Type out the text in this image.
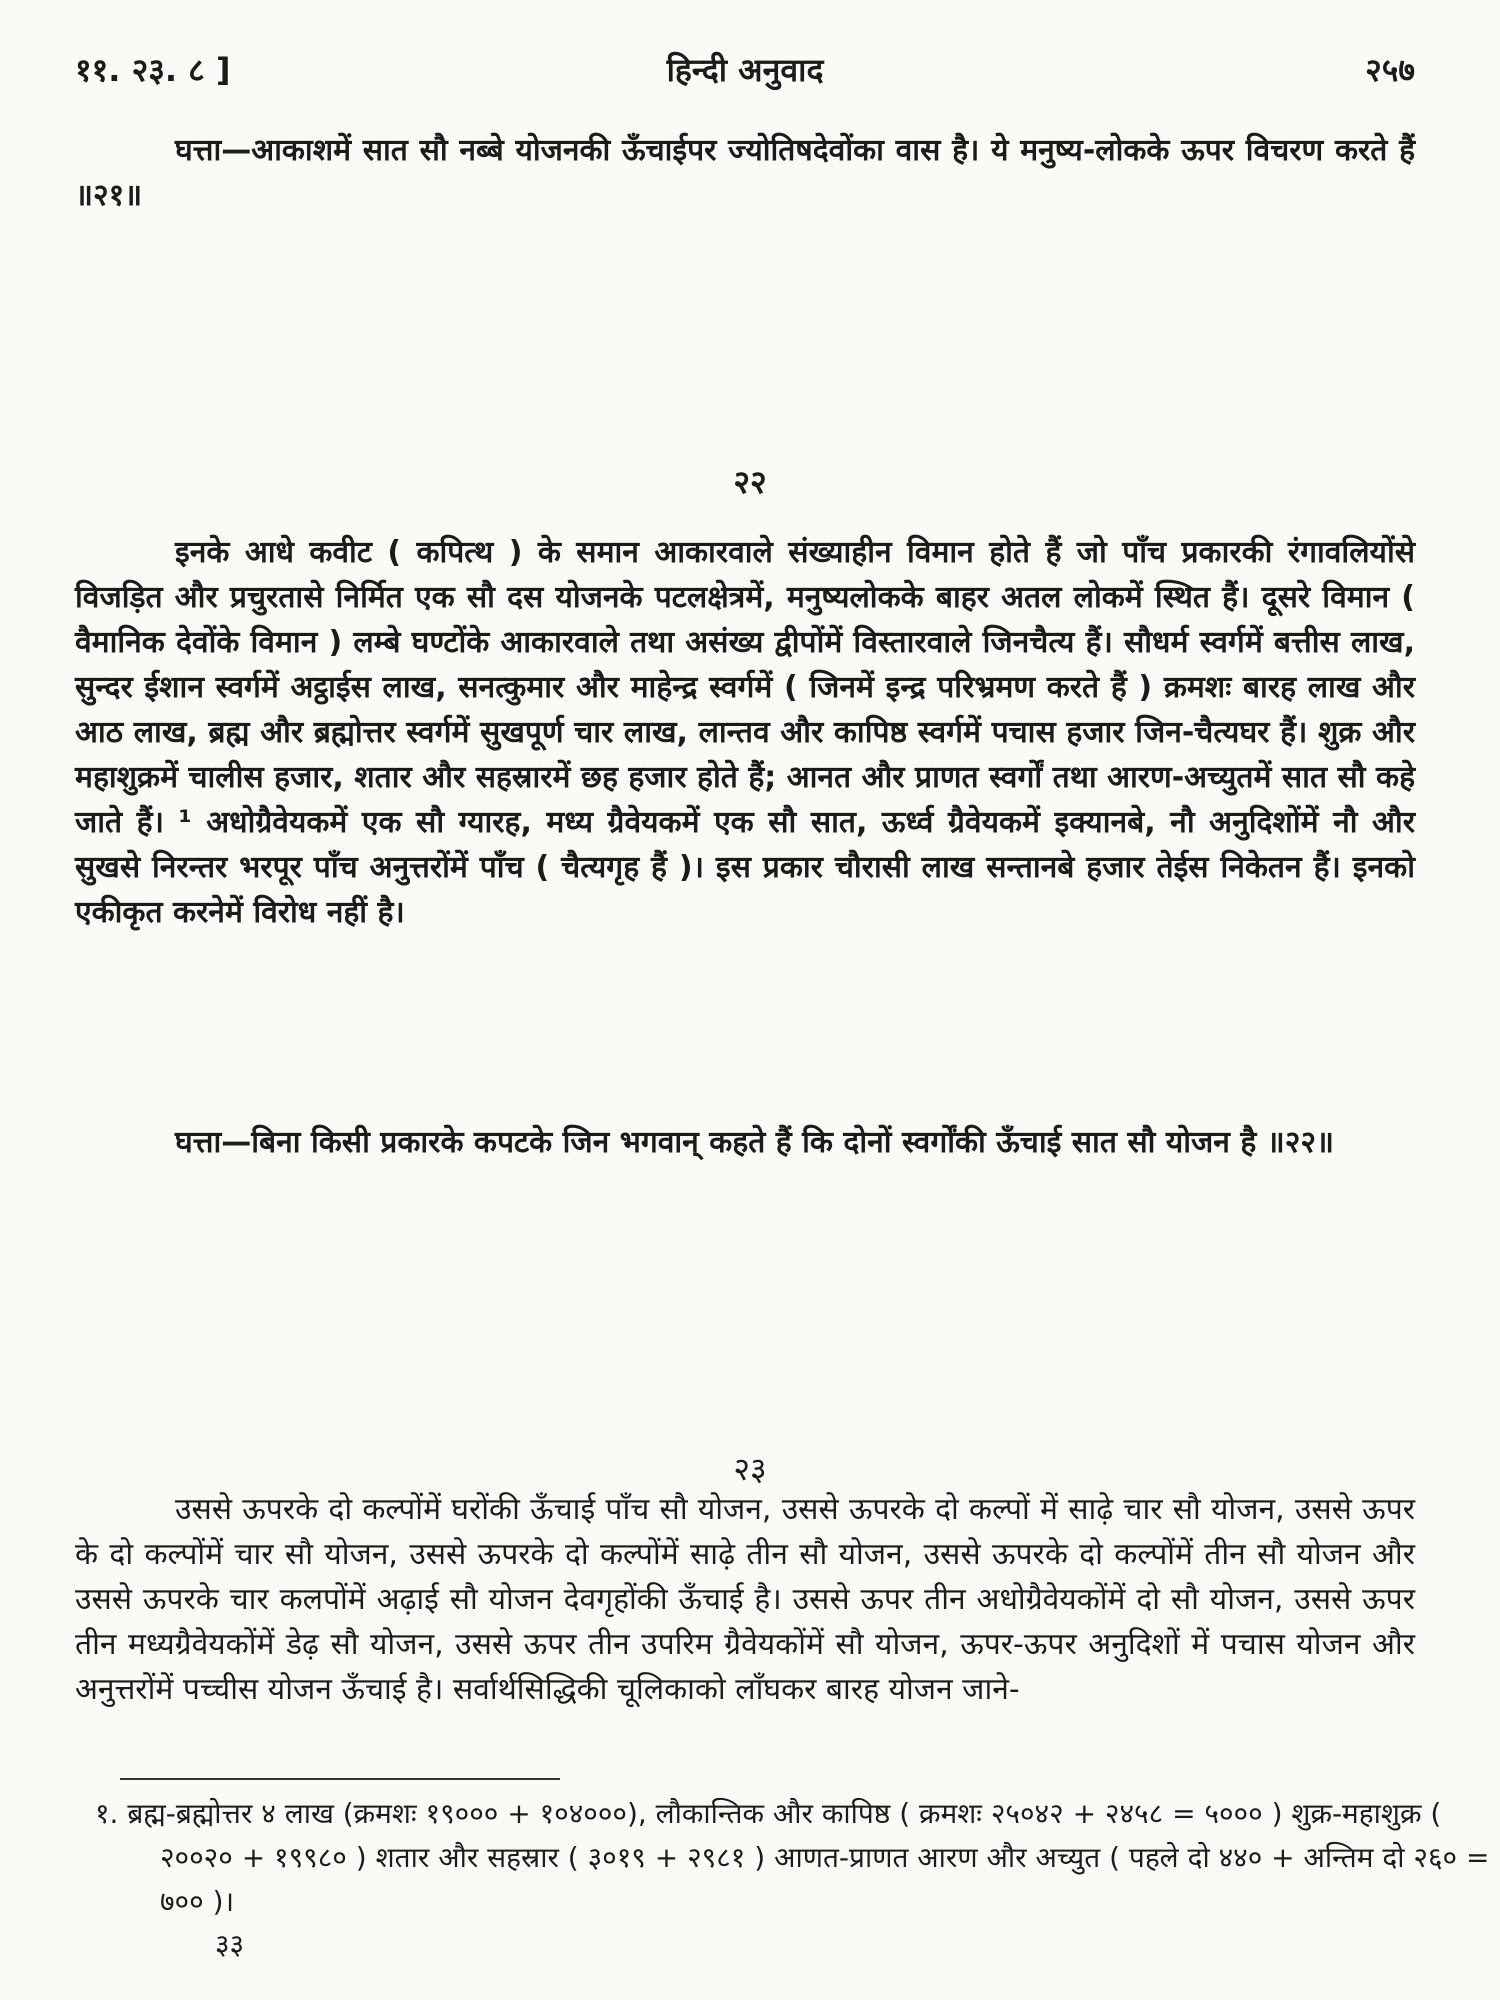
११. २३. ८ ]	हिन्दी अनुवाद	२५७

घत्ता—आकाशमें सात सौ नब्बे योजनकी ऊँचाईपर ज्योतिषदेवोंका वास है। ये मनुष्य-लोकके ऊपर विचरण करते हैं ॥२१॥

२२

इनके आधे कवीट ( कपित्थ ) के समान आकारवाले संख्याहीन विमान होते हैं जो पाँच प्रकारकी रंगावलियोंसे विजड़ित और प्रचुरतासे निर्मित एक सौ दस योजनके पटलक्षेत्रमें, मनुष्यलोकके बाहर अतल लोकमें स्थित हैं। दूसरे विमान ( वैमानिक देवोंके विमान ) लम्बे घण्टोंके आकारवाले तथा असंख्य द्वीपोंमें विस्तारवाले जिनचैत्य हैं। सौधर्म स्वर्गमें बत्तीस लाख, सुन्दर ईशान स्वर्गमें अट्ठाईस लाख, सनत्कुमार और माहेन्द्र स्वर्गमें ( जिनमें इन्द्र परिभ्रमण करते हैं ) क्रमशः बारह लाख और आठ लाख, ब्रह्म और ब्रह्मोत्तर स्वर्गमें सुखपूर्ण चार लाख, लान्तव और कापिष्ठ स्वर्गमें पचास हजार जिन-चैत्यघर हैं। शुक्र और महाशुक्रमें चालीस हजार, शतार और सहस्रारमें छह हजार होते हैं; आनत और प्राणत स्वर्गों तथा आरण-अच्युतमें सात सौ कहे जाते हैं। ¹ अधोग्रैवेयकमें एक सौ ग्यारह, मध्य ग्रैवेयकमें एक सौ सात, ऊर्ध्व ग्रैवेयकमें इक्यानबे, नौ अनुदिशोंमें नौ और सुखसे निरन्तर भरपूर पाँच अनुत्तरोंमें पाँच ( चैत्यगृह हैं )। इस प्रकार चौरासी लाख सन्तानबे हजार तेईस निकेतन हैं। इनको एकीकृत करनेमें विरोध नहीं है।

घत्ता—बिना किसी प्रकारके कपटके जिन भगवान् कहते हैं कि दोनों स्वर्गोंकी ऊँचाई सात सौ योजन है ॥२२॥

२३

उससे ऊपरके दो कल्पोंमें घरोंकी ऊँचाई पाँच सौ योजन, उससे ऊपरके दो कल्पों में साढ़े चार सौ योजन, उससे ऊपर के दो कल्पोंमें चार सौ योजन, उससे ऊपरके दो कल्पोंमें साढ़े तीन सौ योजन, उससे ऊपरके दो कल्पोंमें तीन सौ योजन और उससे ऊपरके चार कलपोंमें अढ़ाई सौ योजन देवगृहोंकी ऊँचाई है। उससे ऊपर तीन अधोग्रैवेयकोंमें दो सौ योजन, उससे ऊपर तीन मध्यग्रैवेयकोंमें डेढ़ सौ योजन, उससे ऊपर तीन उपरिम ग्रैवेयकोंमें सौ योजन, ऊपर-ऊपर अनुदिशों में पचास योजन और अनुत्तरोंमें पच्चीस योजन ऊँचाई है। सर्वार्थसिद्धिकी चूलिकाको लाँघकर बारह योजन जाने-

१. ब्रह्म-ब्रह्मोत्तर ४ लाख (क्रमशः १९००० + १०४०००), लौकान्तिक और कापिष्ठ ( क्रमशः २५०४२ + २४५८ = ५००० ) शुक्र-महाशुक्र ( २००२० + १९९८० ) शतार और सहस्रार ( ३०१९ + २९८१ ) आणत-प्राणत आरण और अच्युत ( पहले दो ४४० + अन्तिम दो २६० = ७०० )।

३३
